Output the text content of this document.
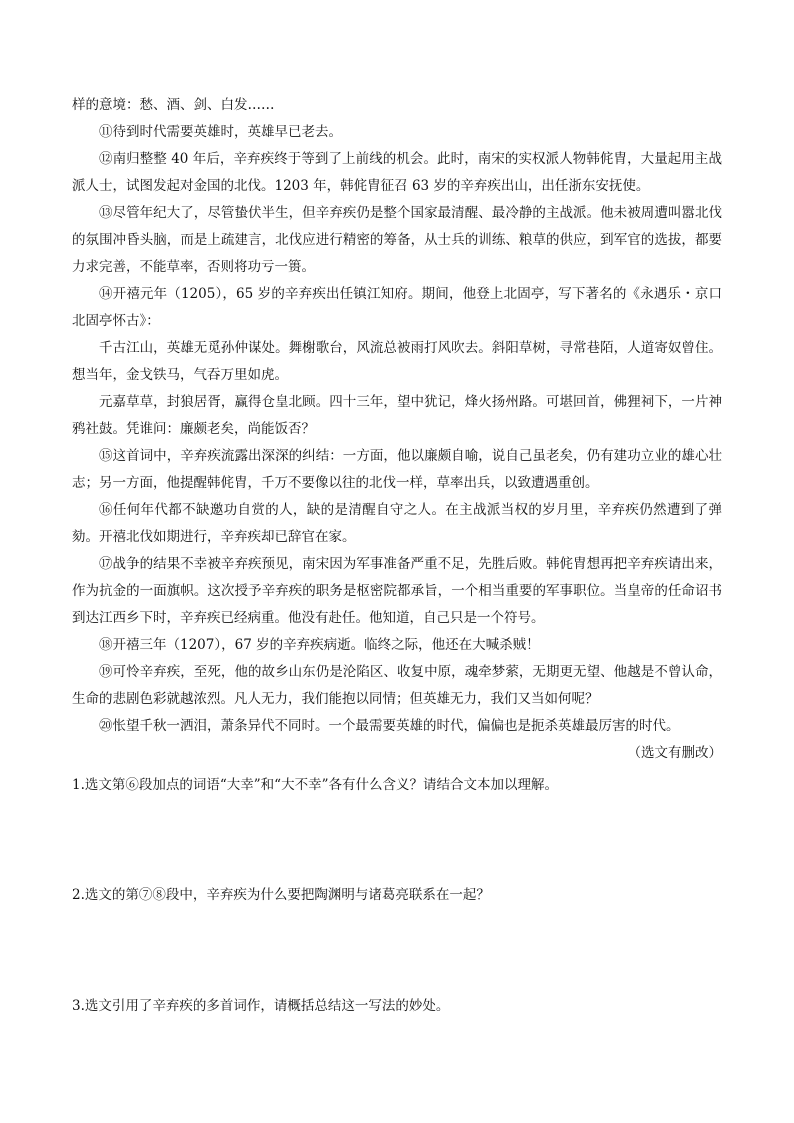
样的意境：愁、酒、剑、白发……

⑪待到时代需要英雄时，英雄早已老去。

⑫南归整整 40 年后，辛弃疾终于等到了上前线的机会。此时，南宋的实权派人物韩侂胄，大量起用主战派人士，试图发起对金国的北伐。1203 年，韩侂胄征召 63 岁的辛弃疾出山，出任浙东安抚使。

⑬尽管年纪大了，尽管蛰伏半生，但辛弃疾仍是整个国家最清醒、最冷静的主战派。他未被周遭叫嚣北伐的氛围冲昏头脑，而是上疏建言，北伐应进行精密的筹备，从士兵的训练、粮草的供应，到军官的选拔，都要力求完善，不能草率，否则将功亏一篑。

⑭开禧元年（1205），65 岁的辛弃疾出任镇江知府。期间，他登上北固亭，写下著名的《永遇乐・京口北固亭怀古》：

千古江山，英雄无觅孙仲谋处。舞榭歌台，风流总被雨打风吹去。斜阳草树，寻常巷陌，人道寄奴曾住。想当年，金戈铁马，气吞万里如虎。

元嘉草草，封狼居胥，赢得仓皇北顾。四十三年，望中犹记，烽火扬州路。可堪回首，佛狸祠下，一片神鸦社鼓。凭谁问：廉颇老矣，尚能饭否？

⑮这首词中，辛弃疾流露出深深的纠结：一方面，他以廉颇自喻，说自己虽老矣，仍有建功立业的雄心壮志；另一方面，他提醒韩侂胄，千万不要像以往的北伐一样，草率出兵，以致遭遇重创。

⑯任何年代都不缺邀功自赏的人，缺的是清醒自守之人。在主战派当权的岁月里，辛弃疾仍然遭到了弹劾。开禧北伐如期进行，辛弃疾却已辞官在家。

⑰战争的结果不幸被辛弃疾预见，南宋因为军事准备严重不足，先胜后败。韩侂胄想再把辛弃疾请出来，作为抗金的一面旗帜。这次授予辛弃疾的职务是枢密院都承旨，一个相当重要的军事职位。当皇帝的任命诏书到达江西乡下时，辛弃疾已经病重。他没有赴任。他知道，自己只是一个符号。

⑱开禧三年（1207），67 岁的辛弃疾病逝。临终之际，他还在大喊杀贼！

⑲可怜辛弃疾，至死，他的故乡山东仍是沦陷区、收复中原，魂牵梦萦，无期更无望、他越是不曾认命，生命的悲剧色彩就越浓烈。凡人无力，我们能抱以同情；但英雄无力，我们又当如何呢？

⑳怅望千秋一洒泪，萧条异代不同时。一个最需要英雄的时代，偏偏也是扼杀英雄最厉害的时代。

（选文有删改）

1.选文第⑥段加点的词语“大幸”和“大不幸”各有什么含义？请结合文本加以理解。

2.选文的第⑦⑧段中，辛弃疾为什么要把陶渊明与诸葛亮联系在一起？

3.选文引用了辛弃疾的多首词作，请概括总结这一写法的妙处。
